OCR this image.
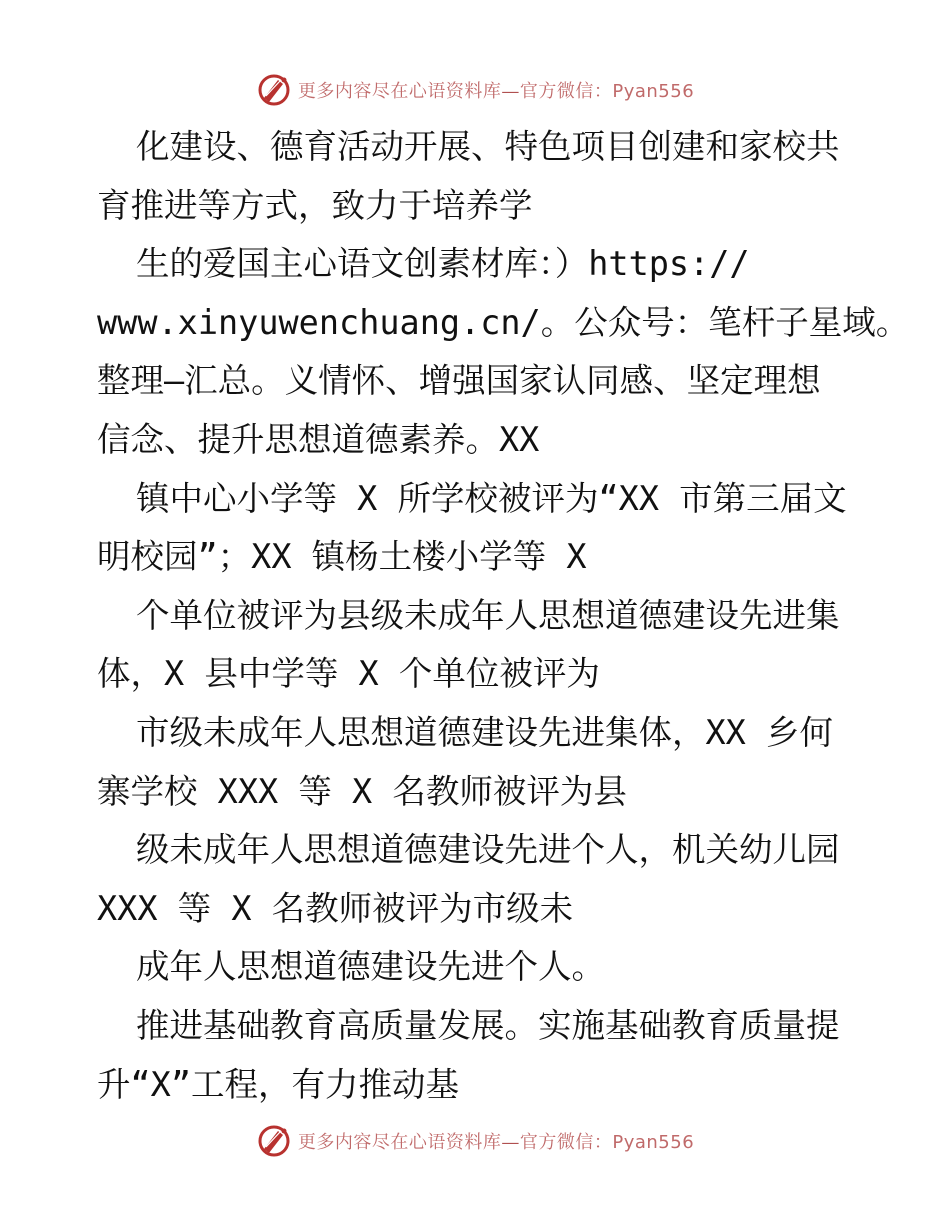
更多内容尽在心语资料库—官方微信：Pyan556
化建设、德育活动开展、特色项目创建和家校共
育推进等方式，致力于培养学
生的爱国主心语文创素材库：）https://
www.xinyuwenchuang.cn/。公众号：笔杆子星域。
整理—汇总。义情怀、增强国家认同感、坚定理想
信念、提升思想道德素养。XX
镇中心小学等 X 所学校被评为“XX 市第三届文
明校园”；XX 镇杨土楼小学等 X
个单位被评为县级未成年人思想道德建设先进集
体，X 县中学等 X 个单位被评为
市级未成年人思想道德建设先进集体，XX 乡何
寨学校 XXX 等 X 名教师被评为县
级未成年人思想道德建设先进个人，机关幼儿园
XXX 等 X 名教师被评为市级未
成年人思想道德建设先进个人。
推进基础教育高质量发展。实施基础教育质量提
升“X”工程，有力推动基
更多内容尽在心语资料库—官方微信：Pyan556
